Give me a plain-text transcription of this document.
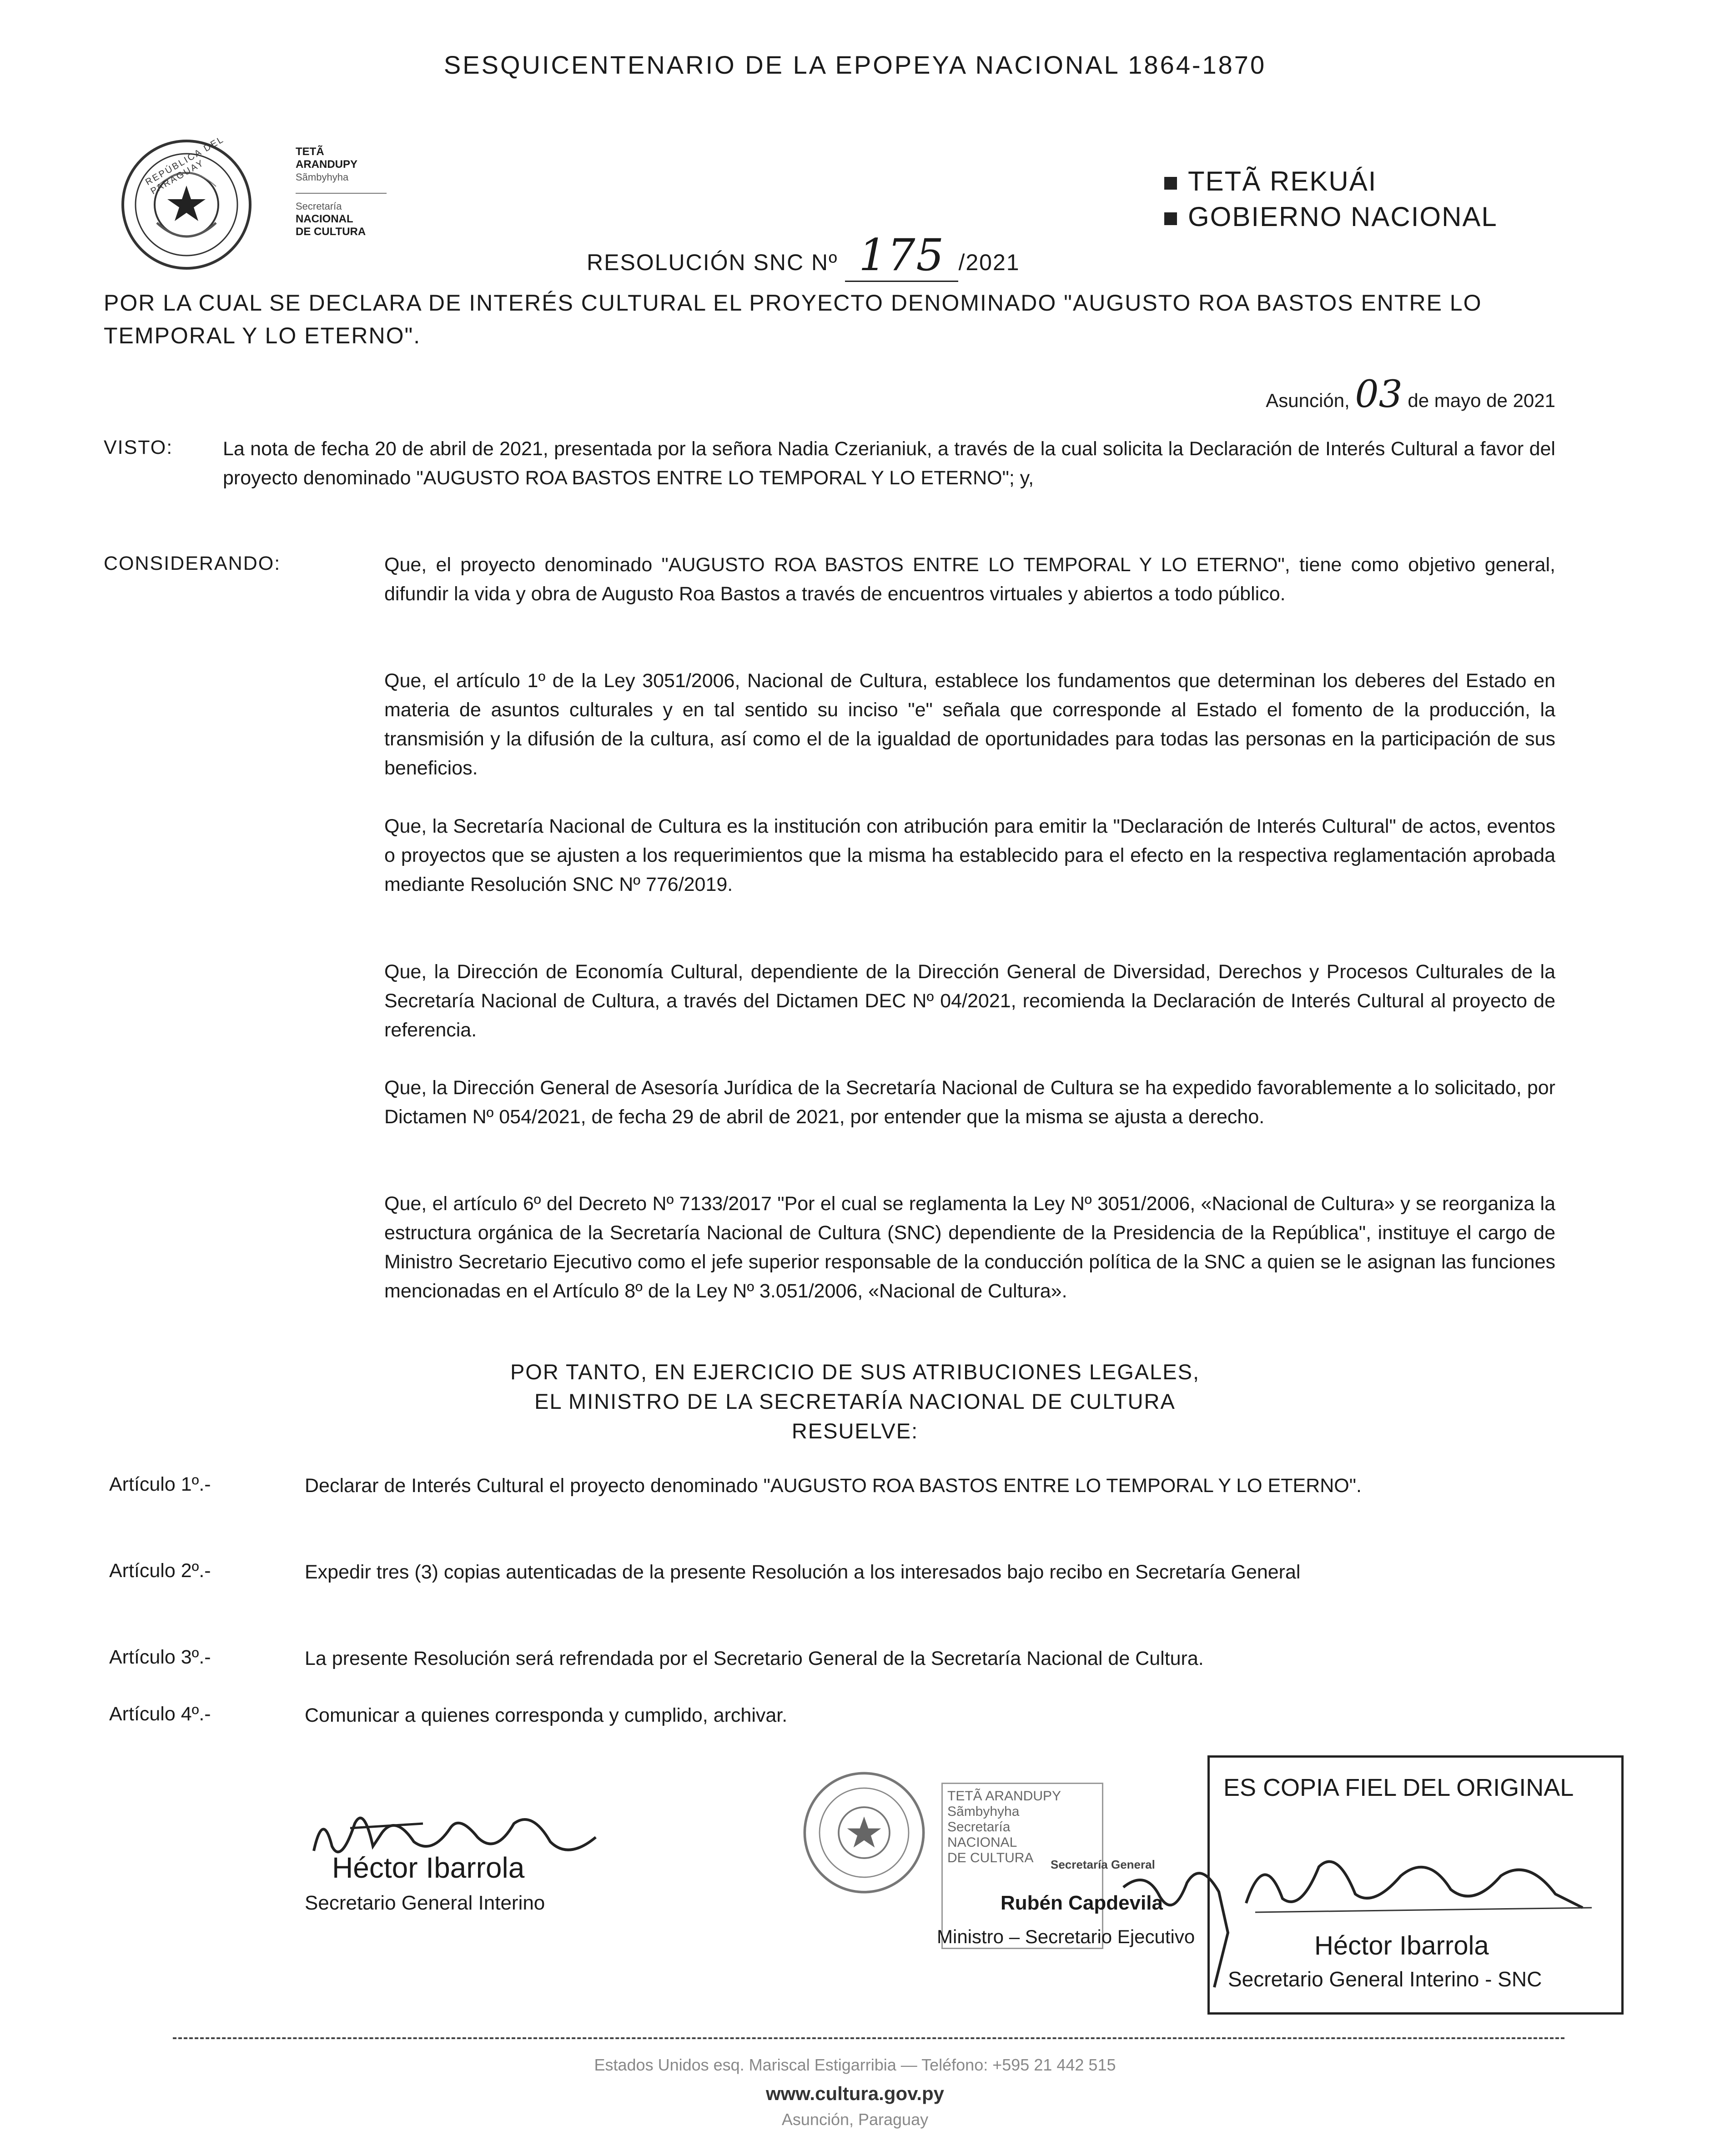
SESQUICENTENARIO DE LA EPOPEYA NACIONAL 1864-1870
REPÚBLICA DEL PARAGUAY
TETÃ ARANDUPY
Sãmbyhyha
Secretaría
NACIONAL
DE CULTURA
TETÃ REKUÁI
GOBIERNO NACIONAL
RESOLUCIÓN SNC Nº 175 /2021
POR LA CUAL SE DECLARA DE INTERÉS CULTURAL EL PROYECTO DENOMINADO "AUGUSTO ROA BASTOS ENTRE LO TEMPORAL Y LO ETERNO".
Asunción, 03 de mayo de 2021
VISTO:	La nota de fecha 20 de abril de 2021, presentada por la señora Nadia Czerianiuk, a través de la cual solicita la Declaración de Interés Cultural a favor del proyecto denominado "AUGUSTO ROA BASTOS ENTRE LO TEMPORAL Y LO ETERNO"; y,
CONSIDERANDO:	Que, el proyecto denominado "AUGUSTO ROA BASTOS ENTRE LO TEMPORAL Y LO ETERNO", tiene como objetivo general, difundir la vida y obra de Augusto Roa Bastos a través de encuentros virtuales y abiertos a todo público.
Que, el artículo 1º de la Ley 3051/2006, Nacional de Cultura, establece los fundamentos que determinan los deberes del Estado en materia de asuntos culturales y en tal sentido su inciso "e" señala que corresponde al Estado el fomento de la producción, la transmisión y la difusión de la cultura, así como el de la igualdad de oportunidades para todas las personas en la participación de sus beneficios.
Que, la Secretaría Nacional de Cultura es la institución con atribución para emitir la "Declaración de Interés Cultural" de actos, eventos o proyectos que se ajusten a los requerimientos que la misma ha establecido para el efecto en la respectiva reglamentación aprobada mediante Resolución SNC Nº 776/2019.
Que, la Dirección de Economía Cultural, dependiente de la Dirección General de Diversidad, Derechos y Procesos Culturales de la Secretaría Nacional de Cultura, a través del Dictamen DEC Nº 04/2021, recomienda la Declaración de Interés Cultural al proyecto de referencia.
Que, la Dirección General de Asesoría Jurídica de la Secretaría Nacional de Cultura se ha expedido favorablemente a lo solicitado, por Dictamen Nº 054/2021, de fecha 29 de abril de 2021, por entender que la misma se ajusta a derecho.
Que, el artículo 6º del Decreto Nº 7133/2017 "Por el cual se reglamenta la Ley Nº 3051/2006, «Nacional de Cultura» y se reorganiza la estructura orgánica de la Secretaría Nacional de Cultura (SNC) dependiente de la Presidencia de la República", instituye el cargo de Ministro Secretario Ejecutivo como el jefe superior responsable de la conducción política de la SNC a quien se le asignan las funciones mencionadas en el Artículo 8º de la Ley Nº 3.051/2006, «Nacional de Cultura».
POR TANTO, EN EJERCICIO DE SUS ATRIBUCIONES LEGALES,
EL MINISTRO DE LA SECRETARÍA NACIONAL DE CULTURA
RESUELVE:
Artículo 1º.-	Declarar de Interés Cultural el proyecto denominado "AUGUSTO ROA BASTOS ENTRE LO TEMPORAL Y LO ETERNO".
Artículo 2º.-	Expedir tres (3) copias autenticadas de la presente Resolución a los interesados bajo recibo en Secretaría General
Artículo 3º.-	La presente Resolución será refrendada por el Secretario General de la Secretaría Nacional de Cultura.
Artículo 4º.-	Comunicar a quienes corresponda y cumplido, archivar.
Héctor Ibarrola
Secretario General Interino
TETÃ ARANDUPY
Sãmbyhyha
Secretaría
NACIONAL
DE CULTURA	Secretaría General
Rubén Capdevila
Ministro – Secretario Ejecutivo
ES COPIA FIEL DEL ORIGINAL
Héctor Ibarrola
Secretario General Interino - SNC
Estados Unidos esq. Mariscal Estigarribia — Teléfono: +595 21 442 515
www.cultura.gov.py
Asunción, Paraguay
